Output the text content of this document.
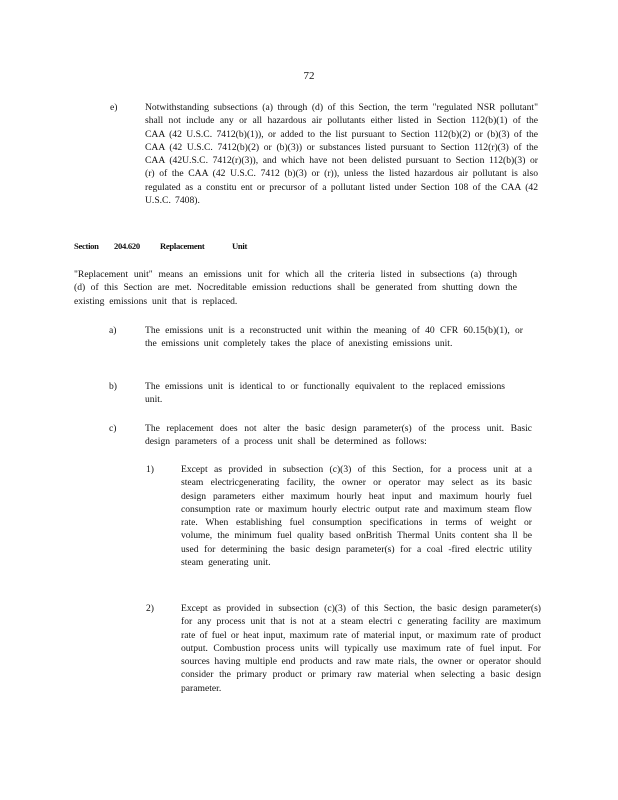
72
e)	Notwithstanding subsections (a) through (d) of this Section, the term "regulated NSR pollutant" shall not include any or all hazardous air pollutants either listed in Section 112(b)(1) of the CAA (42 U.S.C. 7412(b)(1)), or added to the list pursuant to Section 112(b)(2) or (b)(3) of the CAA (42 U.S.C. 7412(b)(2) or (b)(3)) or substances listed pursuant to Section 112(r)(3) of the CAA (42U.S.C. 7412(r)(3)), and which have not been delisted pursuant to Section 112(b)(3) or (r) of the CAA (42 U.S.C. 7412 (b)(3) or (r)), unless the listed hazardous air pollutant is also regulated as a constitu ent or precursor of a pollutant listed under Section 108 of the CAA (42 U.S.C. 7408).
Section 204.620 Replacement	Unit
"Replacement unit" means an emissions unit for which all the criteria listed in subsections (a) through (d) of this Section are met. Nocreditable emission reductions shall be generated from shutting down the existing emissions unit that is replaced.
a)	The emissions unit is a reconstructed unit within the meaning of 40 CFR 60.15(b)(1), or the emissions unit completely takes the place of anexisting emissions unit.
b)	The emissions unit is identical to or functionally equivalent to the replaced emissions unit.
c)	The replacement does not alter the basic design parameter(s) of the process unit. Basic design parameters of a process unit shall be determined as follows:
1)	Except as provided in subsection (c)(3) of this Section, for a process unit at a steam electricgenerating facility, the owner or operator may select as its basic design parameters either maximum hourly heat input and maximum hourly fuel consumption rate or maximum hourly electric output rate and maximum steam flow rate. When establishing fuel consumption specifications in terms of weight or volume, the minimum fuel quality based onBritish Thermal Units content sha ll be used for determining the basic design parameter(s) for a coal -fired electric utility steam generating unit.
2)	Except as provided in subsection (c)(3) of this Section, the basic design parameter(s) for any process unit that is not at a steam electri c generating facility are maximum rate of fuel or heat input, maximum rate of material input, or maximum rate of product output. Combustion process units will typically use maximum rate of fuel input. For sources having multiple end products and raw mate rials, the owner or operator should consider the primary product or primary raw material when selecting a basic design parameter.
